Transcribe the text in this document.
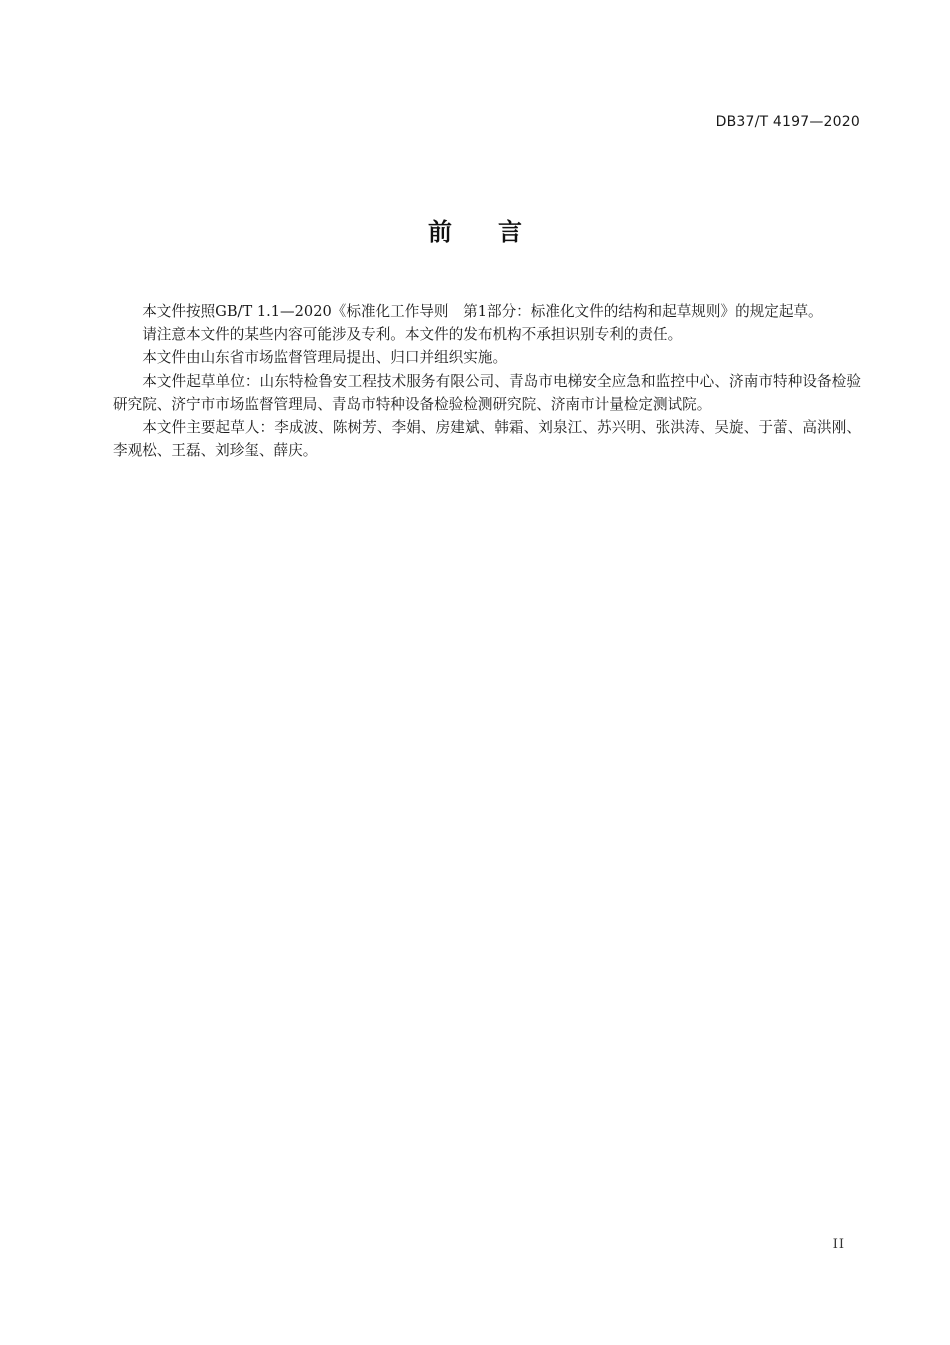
DB37/T 4197—2020
前言

本文件按照GB/T 1.1—2020《标准化工作导则　第1部分：标准化文件的结构和起草规则》的规定起草。

请注意本文件的某些内容可能涉及专利。本文件的发布机构不承担识别专利的责任。

本文件由山东省市场监督管理局提出、归口并组织实施。

本文件起草单位：山东特检鲁安工程技术服务有限公司、青岛市电梯安全应急和监控中心、济南市特种设备检验研究院、济宁市市场监督管理局、青岛市特种设备检验检测研究院、济南市计量检定测试院。

本文件主要起草人：李成波、陈树芳、李娟、房建斌、韩霜、刘泉江、苏兴明、张洪涛、吴旋、于蕾、高洪刚、李观松、王磊、刘珍玺、薛庆。

II
